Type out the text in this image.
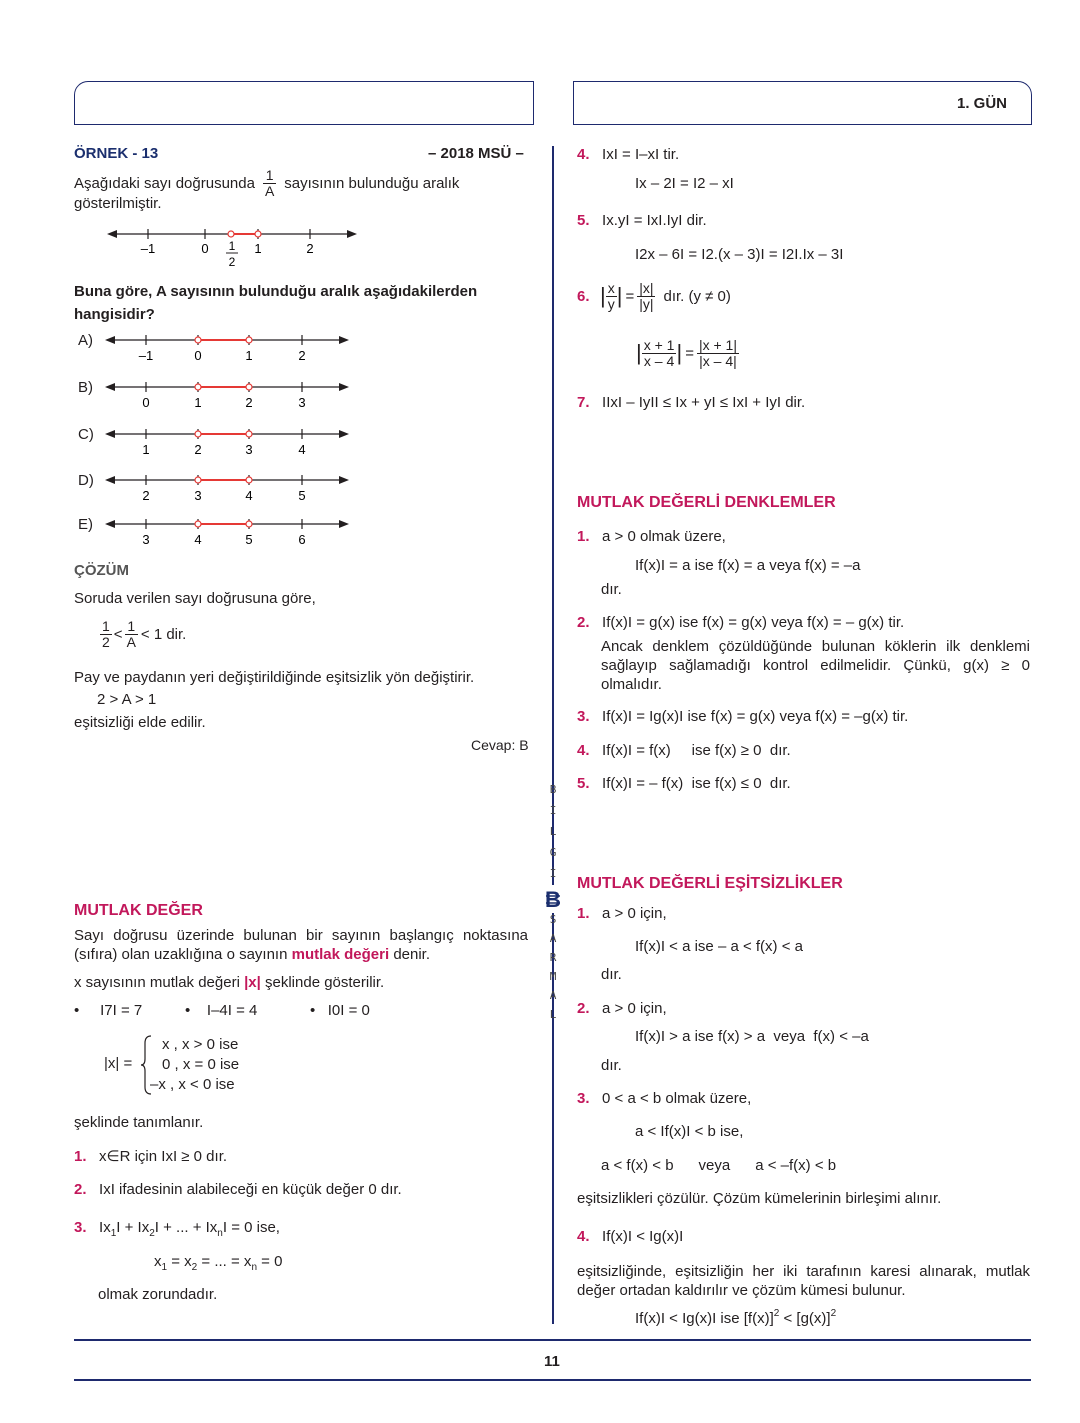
1. GÜN
ÖRNEK - 13	– 2018 MSÜ –
Aşağıdaki sayı doğrusunda $\frac{1}{A}$ sayısının bulunduğu aralık
gösterilmiştir.
–1	0	1	2
1
2
Buna göre, A sayısının bulunduğu aralık aşağıdakilerden
hangisidir?
A)
–1	0	1	2
B)
0	1	2	3
C)
1	2	3	4
D)
2	3	4	5
E)
3	4	5	6
ÇÖZÜM
Soruda verilen sayı doğrusuna göre,
$\frac{1}{2} < \frac{1}{A} < 1$ dir.
Pay ve paydanın yeri değiştirildiğinde eşitsizlik yön değiştirir.
2 > A > 1
eşitsizliği elde edilir.
Cevap: B
MUTLAK DEĞER
Sayı doğrusu üzerinde bulunan bir sayının başlangıç noktasına (sıfıra) olan uzaklığına o sayının mutlak değeri denir.
x sayısının mutlak değeri |x| şeklinde gösterilir.
•     I7I = 7	•    I–4I = 4	•   I0I = 0
|x| =
x , x > 0 ise
0 , x = 0 ise
–x , x < 0 ise
şeklinde tanımlanır.
1. x∈R için IxI ≥ 0 dır.
2. IxI ifadesinin alabileceği en küçük değer 0 dır.
3. $Ix_1I + Ix_2I$ + ... + $Ix_nI = 0$ ise,
$x_1 = x_2$ = ... = $x_n = 0$
olmak zorundadır.
B
İ
L
G
İ
S
A
R
M
A
L
B
4. IxI = I–xI tir.
Ix – 2I = I2 – xI
5. Ix.yI = IxI.IyI dir.
I2x – 6I = I2.(x – 3)I = I2I.Ix – 3I
6. | $\frac{x}{y}$ | = $\frac{|x|}{|y|}$ dır. (y ≠ 0)
| $\frac{x + 1}{x - 4}$ | = $\frac{|x + 1|}{|x - 4|}$
7. IIxI – IyII ≤ Ix + yI ≤ IxI + IyI dir.
MUTLAK DEĞERLİ DENKLEMLER
1. a > 0 olmak üzere,
If(x)I = a ise f(x) = a veya f(x) = –a
dır.
2. If(x)I = g(x) ise f(x) = g(x) veya f(x) = – g(x) tir.
Ancak denklem çözüldüğünde bulunan köklerin ilk denklemi sağlayıp sağlamadığı kontrol edilmelidir. Çünkü, g(x) ≥ 0 olmalıdır.
3. If(x)I = Ig(x)I ise f(x) = g(x) veya f(x) = –g(x) tir.
4. If(x)I = f(x)     ise f(x) ≥ 0  dır.
5. If(x)I = – f(x)  ise f(x) ≤ 0  dır.
MUTLAK DEĞERLİ EŞİTSİZLİKLER
1. a > 0 için,
If(x)I < a ise – a < f(x) < a
dır.
2. a > 0 için,
If(x)I > a ise f(x) > a  veya  f(x) < –a
dır.
3. 0 < a < b olmak üzere,
a < If(x)I < b ise,
a < f(x) < b      veya      a < –f(x) < b
eşitsizlikleri çözülür. Çözüm kümelerinin birleşimi alınır.
4. If(x)I < Ig(x)I
eşitsizliğinde, eşitsizliğin her iki tarafının karesi alınarak, mutlak değer ortadan kaldırılır ve çözüm kümesi bulunur.
If(x)I < Ig(x)I ise $[f(x)]^2 < [g(x)]^2$
11
